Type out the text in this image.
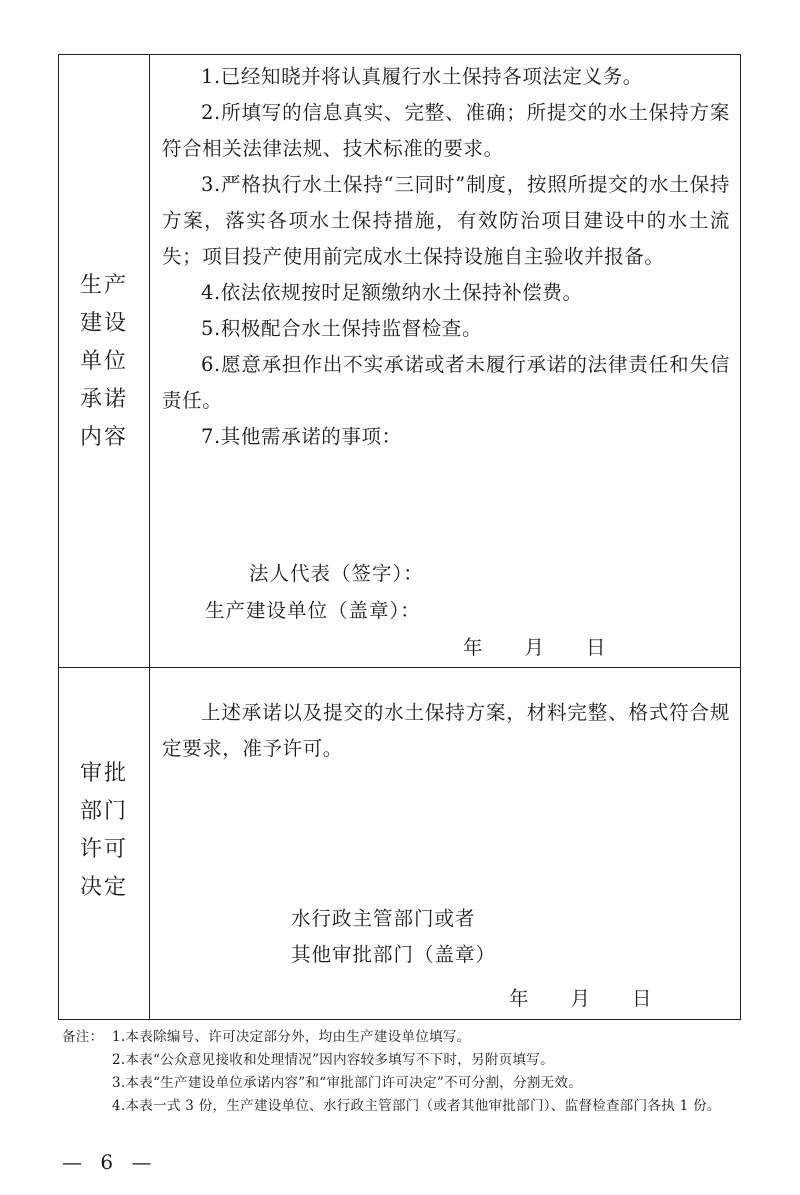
生产
建设
单位
承诺
内容

1.已经知晓并将认真履行水土保持各项法定义务。

2.所填写的信息真实、完整、准确；所提交的水土保持方案符合相关法律法规、技术标准的要求。

3.严格执行水土保持“三同时”制度，按照所提交的水土保持方案，落实各项水土保持措施，有效防治项目建设中的水土流失；项目投产使用前完成水土保持设施自主验收并报备。

4.依法依规按时足额缴纳水土保持补偿费。

5.积极配合水土保持监督检查。

6.愿意承担作出不实承诺或者未履行承诺的法律责任和失信责任。

7.其他需承诺的事项：

法人代表（签字）：
生产建设单位（盖章）：
年　　月　　日
审批
部门
许可
决定

上述承诺以及提交的水土保持方案，材料完整、格式符合规定要求，准予许可。

水行政主管部门或者
其他审批部门（盖章）
年　　月　　日
备注： 1.本表除编号、许可决定部分外，均由生产建设单位填写。
2.本表“公众意见接收和处理情况”因内容较多填写不下时，另附页填写。
3.本表“生产建设单位承诺内容”和“审批部门许可决定”不可分割，分割无效。
4.本表一式 3 份，生产建设单位、水行政主管部门（或者其他审批部门）、监督检查部门各执 1 份。
— 6 —
